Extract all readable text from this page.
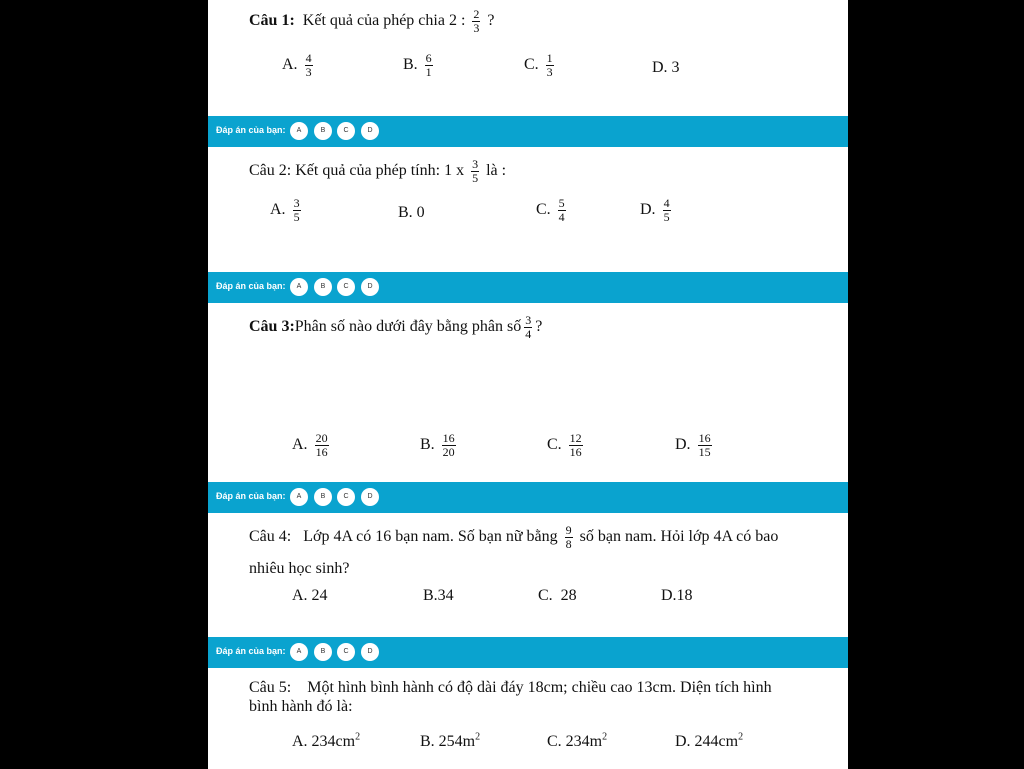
Câu 1: Kết quả của phép chia 2 : $\frac{2}{3}$ ?
A. $\frac{4}{3}$	B. $\frac{6}{1}$	C. $\frac{1}{3}$	D. 3
Đáp án của bạn:	A	B	C	D
Câu 2: Kết quả của phép tính: 1 x $\frac{3}{5}$ là :
A. $\frac{3}{5}$	B. 0	C. $\frac{5}{4}$	D. $\frac{4}{5}$
Đáp án của bạn:	A	B	C	D
Câu 3:Phân số nào dưới đây bằng phân số $\frac{3}{4}$ ?
A. $\frac{20}{16}$	B. $\frac{16}{20}$	C. $\frac{12}{16}$	D. $\frac{16}{15}$
Đáp án của bạn:	A	B	C	D
Câu 4: Lớp 4A có 16 bạn nam. Số bạn nữ bằng $\frac{9}{8}$ số bạn nam. Hỏi lớp 4A có bao
nhiêu học sinh?
A. 24	B.34	C.  28	D.18
Đáp án của bạn:	A	B	C	D
Câu 5: Một hình bình hành có độ dài đáy 18cm; chiều cao 13cm. Diện tích hình
bình hành đó là:
A. $234cm^2$	B. $254m^2$	C. $234m^2$	D. $244cm^2$
